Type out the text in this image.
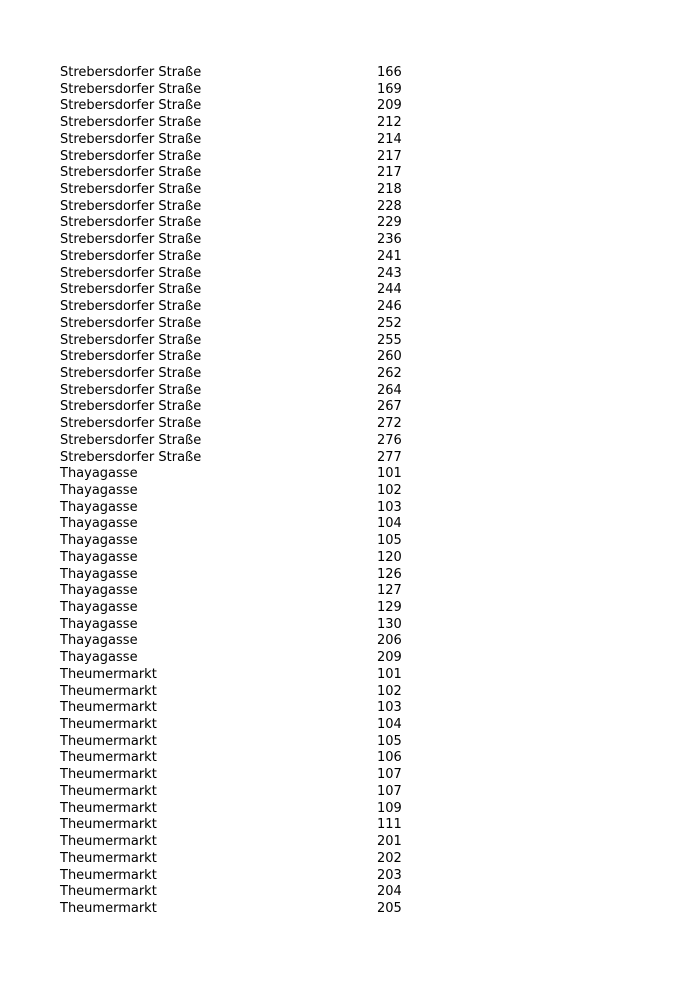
Strebersdorfer Straße	166
Strebersdorfer Straße	169
Strebersdorfer Straße	209
Strebersdorfer Straße	212
Strebersdorfer Straße	214
Strebersdorfer Straße	217
Strebersdorfer Straße	217
Strebersdorfer Straße	218
Strebersdorfer Straße	228
Strebersdorfer Straße	229
Strebersdorfer Straße	236
Strebersdorfer Straße	241
Strebersdorfer Straße	243
Strebersdorfer Straße	244
Strebersdorfer Straße	246
Strebersdorfer Straße	252
Strebersdorfer Straße	255
Strebersdorfer Straße	260
Strebersdorfer Straße	262
Strebersdorfer Straße	264
Strebersdorfer Straße	267
Strebersdorfer Straße	272
Strebersdorfer Straße	276
Strebersdorfer Straße	277
Thayagasse	101
Thayagasse	102
Thayagasse	103
Thayagasse	104
Thayagasse	105
Thayagasse	120
Thayagasse	126
Thayagasse	127
Thayagasse	129
Thayagasse	130
Thayagasse	206
Thayagasse	209
Theumermarkt	101
Theumermarkt	102
Theumermarkt	103
Theumermarkt	104
Theumermarkt	105
Theumermarkt	106
Theumermarkt	107
Theumermarkt	107
Theumermarkt	109
Theumermarkt	111
Theumermarkt	201
Theumermarkt	202
Theumermarkt	203
Theumermarkt	204
Theumermarkt	205
